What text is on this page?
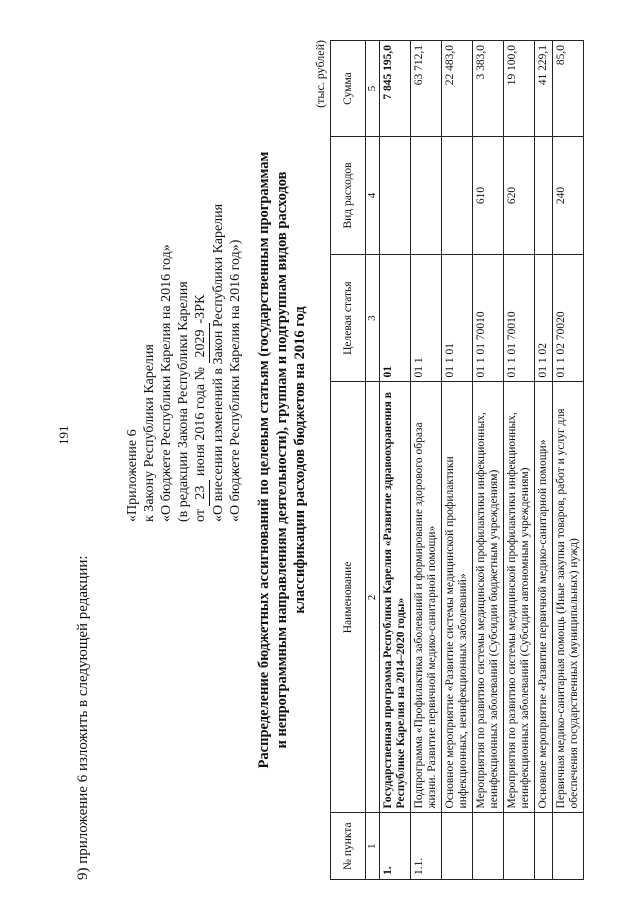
191
9) приложение 6 изложить в следующей редакции:
«Приложение 6 к Закону Республики Карелия «О бюджете Республики Карелия на 2016 год» (в редакции Закона Республики Карелия от 23 июня 2016 года № 2029-ЗРК «О внесении изменений в Закон Республики Карелия «О бюджете Республики Карелия на 2016 год») Распределение бюджетных ассигнований по целевым статьям (государственным программам и непрограммным направлениям деятельности), группам и подгруппам видов расходов классификации расходов бюджетов на 2016 год
(тыс. рублей)
№ пункта	Наименование	Целевая статья	Вид расходов	Сумма
1	2	3	4	5
1.	Государственная программа Республики Карелия «Развитие здравоохранения в Республике Карелия на 2014–2020 годы»	01		7 845 195,0
1.1.	Подпрограмма «Профилактика заболеваний и формирование здорового образа жизни. Развитие первичной медико-санитарной помощи»	01 1		63 712,1
	Основное мероприятие «Развитие системы медицинской профилактики инфекционных, неинфекционных заболеваний»	01 1 01		22 483,0
	Мероприятия по развитию системы медицинской профилактики инфекционных, неинфекционных заболеваний (Субсидии бюджетным учреждениям)	01 1 01 70010	610	3 383,0
	Мероприятия по развитию системы медицинской профилактики инфекционных, неинфекционных заболеваний (Субсидии автономным учреждениям)	01 1 01 70010	620	19 100,0
	Основное мероприятие «Развитие первичной медико-санитарной помощи»	01 1 02		41 229,1
	Первичная медико-санитарная помощь (Иные закупки товаров, работ и услуг для обеспечения государственных (муниципальных) нужд)	01 1 02 70020	240	85,0
